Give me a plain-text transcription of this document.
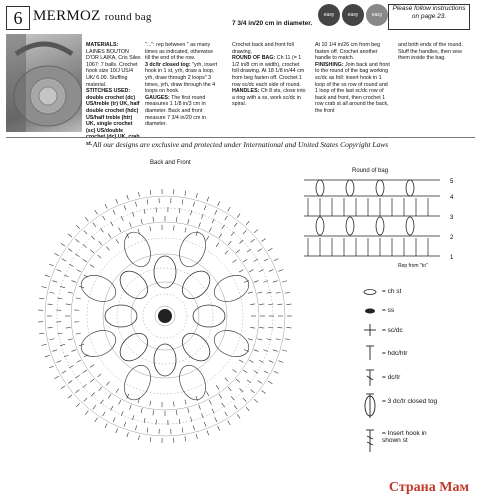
6 MERMOZ round bag
7 3/4 in/20 cm in diameter.
easy	easy	easy
Please follow instructions on page 23.
MATERIALS:
LAINES BOUTON D'OR LAIKA, Cris Silex 1067: 7 balls. Crochet hook size 10/J US/4 UK/ 6.00. Stuffing material.
STITCHES USED: double crochet (dc) US/treble (tr) UK, half double crochet (hdc) US/half treble (htr) UK, single crochet (sc) US/double st.
"...": rep between " as many times as indicated, otherwise till the end of the row.
3 dc/tr closed tog: "yrh, insert hook in 1 st, yrh, draw a loop, yrh, draw through 2 loops" 3 times, yrh, draw through the 4 loops on hook.
GAUGES: The first round measures 1 1/8 in/3 cm in diameter. Back and front measure 7 3/4 in/20 cm in diameter.
Crochet back and front foll drawing.
ROUND OF BAG: Ch 11 (= 1 1/2 in/8 cm in width), crochet foll drawing. At 18 1/8 in/44 cm from beg fasten off. Crochet 1 row sc/dc each side of round.
HANDLES: Ch 8 sts, close into a ring with a ss, work sc/dc in spiral.
At 10 1/4 in/26 cm from beg fasten off. Crochet another handle to match.
FINISHING: Join back and front to the round of the bag working sc/dc as foll: insert hook in 1 loop of the ss row of round and 1 loop of the last sc/dc row of back and front, then crochet 1 row crab st all around the back, the front
and both ends of the round. Stuff the handles, then sew them inside the bag.
All our designs are exclusive and protected under International and United States Copyright Laws
Back and Front
Round of bag
Rep from "to"
5
4
3
2
1
= ch st
= ss
= sc/dc
= hdc/htr
= dc/tr
= 3 dc/tr closed tog
= Insert hook in shown st
Страна Мам
